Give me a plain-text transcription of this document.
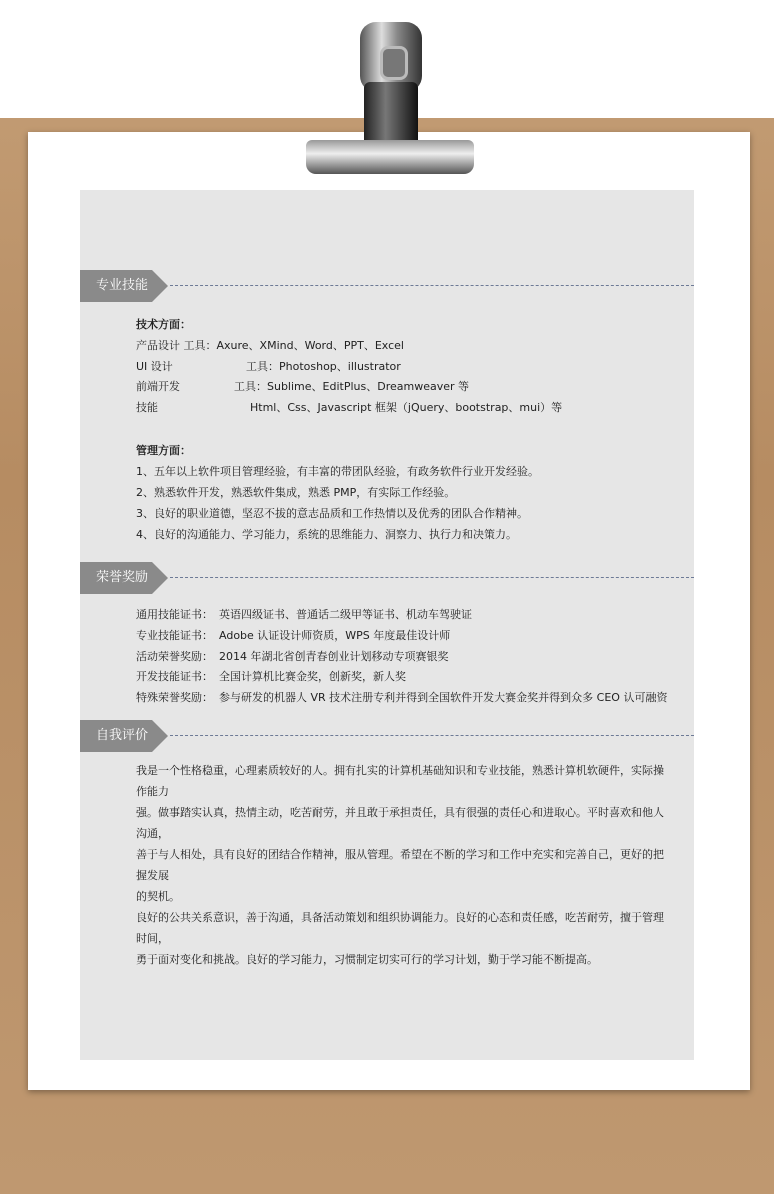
专业技能
技术方面：
产品设计 工具：Axure、XMind、Word、PPT、Excel
UI 设计	工具：Photoshop、illustrator
前端开发	工具：Sublime、EditPlus、Dreamweaver 等
技能	Html、Css、Javascript 框架（jQuery、bootstrap、mui）等
管理方面：
1、五年以上软件项目管理经验，有丰富的带团队经验，有政务软件行业开发经验。
2、熟悉软件开发，熟悉软件集成，熟悉 PMP，有实际工作经验。
3、良好的职业道德，坚忍不拔的意志品质和工作热情以及优秀的团队合作精神。
4、良好的沟通能力、学习能力，系统的思维能力、洞察力、执行力和决策力。
荣誉奖励
通用技能证书： 英语四级证书、普通话二级甲等证书、机动车驾驶证
专业技能证书： Adobe 认证设计师资质，WPS 年度最佳设计师
活动荣誉奖励： 2014 年湖北省创青春创业计划移动专项赛银奖
开发技能证书： 全国计算机比赛金奖，创新奖，新人奖
特殊荣誉奖励： 参与研发的机器人 VR 技术注册专利并得到全国软件开发大赛金奖并得到众多 CEO 认可融资
自我评价
我是一个性格稳重，心理素质较好的人。拥有扎实的计算机基础知识和专业技能，熟悉计算机软硬件，实际操作能力
强。做事踏实认真，热情主动，吃苦耐劳，并且敢于承担责任，具有很强的责任心和进取心。平时喜欢和他人沟通，
善于与人相处，具有良好的团结合作精神，服从管理。希望在不断的学习和工作中充实和完善自己，更好的把握发展
的契机。
良好的公共关系意识，善于沟通，具备活动策划和组织协调能力。良好的心态和责任感，吃苦耐劳，擅于管理时间，
勇于面对变化和挑战。良好的学习能力，习惯制定切实可行的学习计划，勤于学习能不断提高。
